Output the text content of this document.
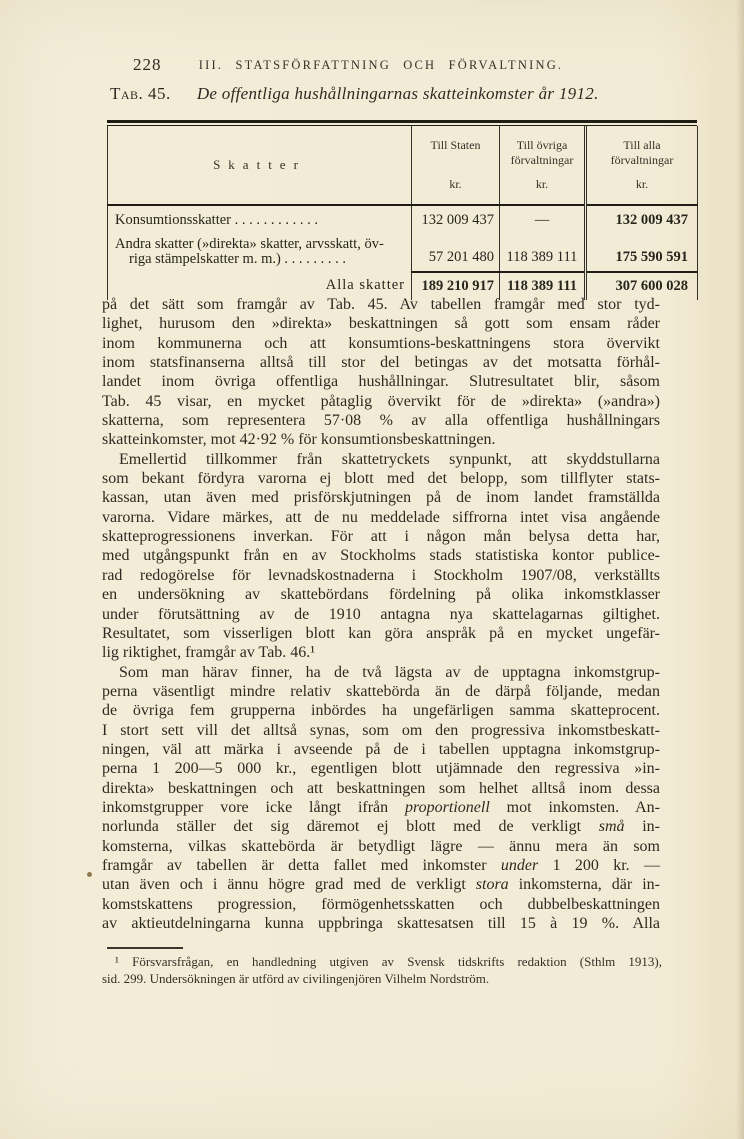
228	III. STATSFÖRFATTNING OCH FÖRVALTNING.
Tab. 45. De offentliga hushållningarnas skatteinkomster år 1912.
Skatter	
Till Staten
kr.

Till övriga
förvaltningar
kr.

Till alla
förvaltningar
kr.

Konsumtionsskatter . . . . . . . . . . . .	132 009 437	—	132 009 437
Andra skatter (»direkta» skatter, arvsskatt, öv-
riga stämpelskatter m. m.) . . . . . . . . .	57 201 480	118 389 111	175 590 591
Alla skatter	189 210 917	118 389 111	307 600 028
på det sätt som framgår av Tab. 45. Av tabellen framgår med stor tyd-
lighet, hurusom den »direkta» beskattningen så gott som ensam råder
inom kommunerna och att konsumtions-beskattningens stora övervikt
inom statsfinanserna alltså till stor del betingas av det motsatta förhål-
landet inom övriga offentliga hushållningar. Slutresultatet blir, såsom
Tab. 45 visar, en mycket påtaglig övervikt för de »direkta» (»andra»)
skatterna, som representera 57·08 % av alla offentliga hushållningars
skatteinkomster, mot 42·92 % för konsumtionsbeskattningen.
Emellertid tillkommer från skattetryckets synpunkt, att skyddstullarna
som bekant fördyra varorna ej blott med det belopp, som tillflyter stats-
kassan, utan även med prisförskjutningen på de inom landet framställda
varorna. Vidare märkes, att de nu meddelade siffrorna intet visa angående
skatteprogressionens inverkan. För att i någon mån belysa detta har,
med utgångspunkt från en av Stockholms stads statistiska kontor publice-
rad redogörelse för levnadskostnaderna i Stockholm 1907/08, verkställts
en undersökning av skattebördans fördelning på olika inkomstklasser
under förutsättning av de 1910 antagna nya skattelagarnas giltighet.
Resultatet, som visserligen blott kan göra anspråk på en mycket ungefär-
lig riktighet, framgår av Tab. 46.¹
Som man härav finner, ha de två lägsta av de upptagna inkomstgrup-
perna väsentligt mindre relativ skattebörda än de därpå följande, medan
de övriga fem grupperna inbördes ha ungefärligen samma skatteprocent.
I stort sett vill det alltså synas, som om den progressiva inkomstbeskatt-
ningen, väl att märka i avseende på de i tabellen upptagna inkomstgrup-
perna 1 200—5 000 kr., egentligen blott utjämnade den regressiva »in-
direkta» beskattningen och att beskattningen som helhet alltså inom dessa
inkomstgrupper vore icke långt ifrån proportionell mot inkomsten. An-
norlunda ställer det sig däremot ej blott med de verkligt små in-
komsterna, vilkas skattebörda är betydligt lägre — ännu mera än som
framgår av tabellen är detta fallet med inkomster under 1 200 kr. —
utan även och i ännu högre grad med de verkligt stora inkomsterna, där in-
komstskattens progression, förmögenhetsskatten och dubbelbeskattningen
av aktieutdelningarna kunna uppbringa skattesatsen till 15 à 19 %. Alla
¹ Försvarsfrågan, en handledning utgiven av Svensk tidskrifts redaktion (Sthlm 1913),
sid. 299. Undersökningen är utförd av civilingenjören Vilhelm Nordström.
